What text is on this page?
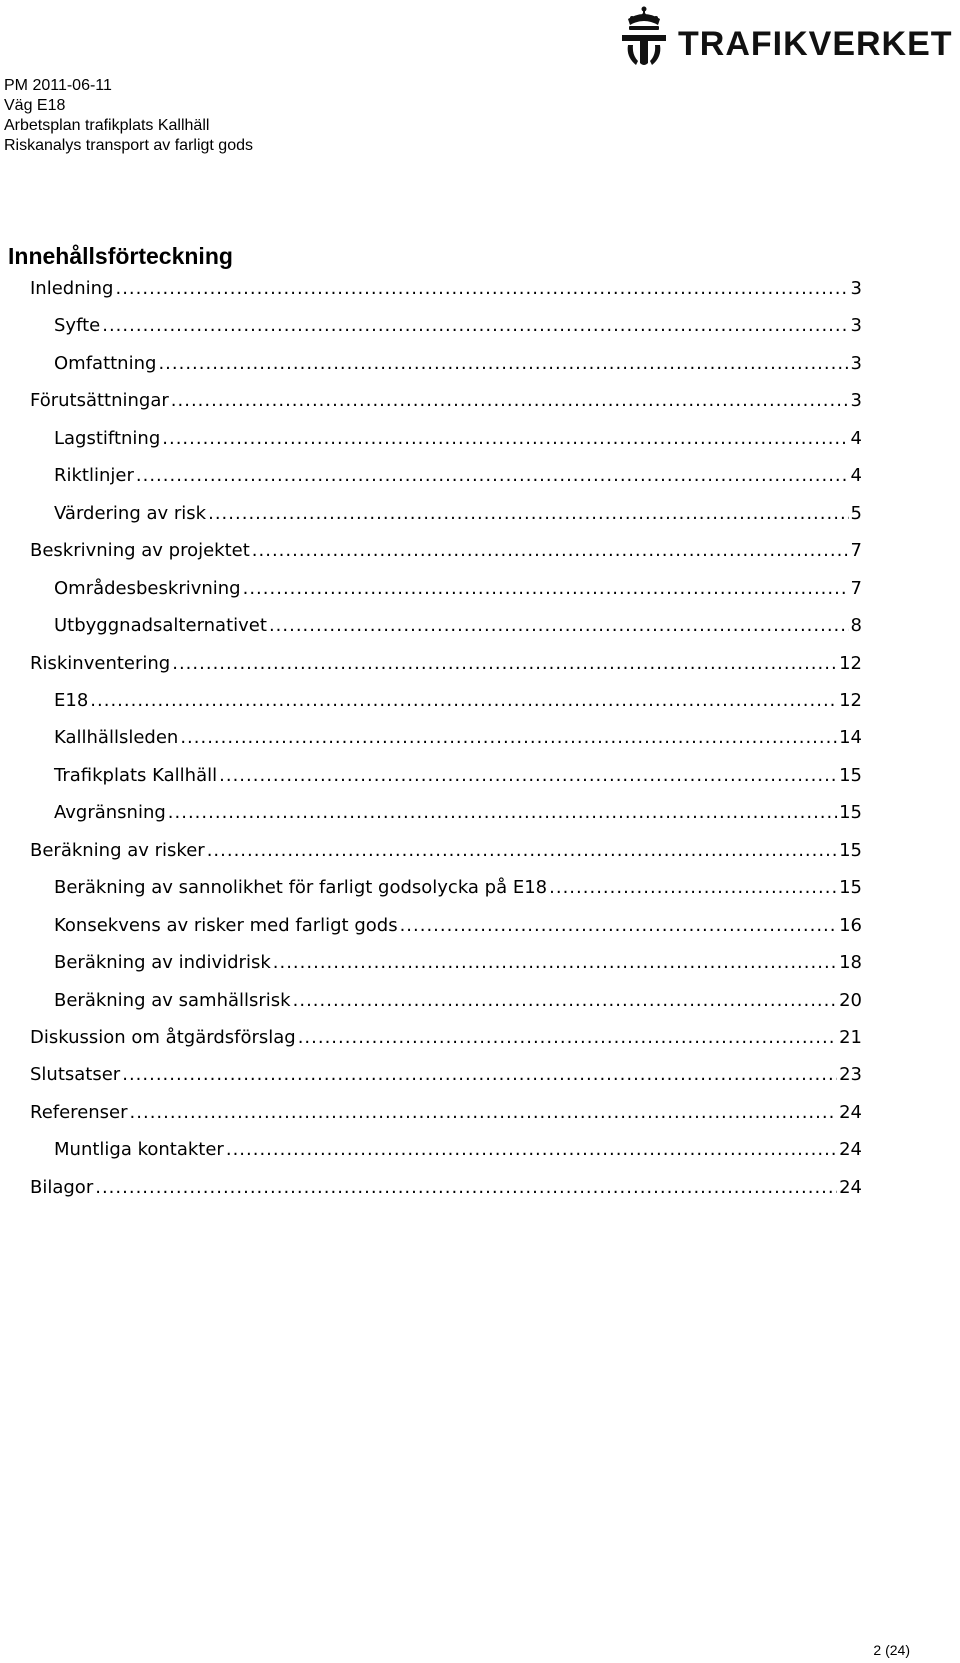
TRAFIKVERKET
PM 2011-06-11
Väg E18
Arbetsplan trafikplats Kallhäll
Riskanalys transport av farligt gods
Innehållsförteckning
Inledning .....	3
Syfte .....	3
Omfattning .....	3
Förutsättningar .....	3
Lagstiftning .....	4
Riktlinjer .....	4
Värdering av risk .....	5
Beskrivning av projektet .....	7
Områdesbeskrivning .....	7
Utbyggnadsalternativet .....	8
Riskinventering .....	12
E18 .....	12
Kallhällsleden .....	14
Trafikplats Kallhäll .....	15
Avgränsning .....	15
Beräkning av risker .....	15
Beräkning av sannolikhet för farligt godsolycka på E18 .....	15
Konsekvens av risker med farligt gods .....	16
Beräkning av individrisk .....	18
Beräkning av samhällsrisk .....	20
Diskussion om åtgärdsförslag .....	21
Slutsatser .....	23
Referenser .....	24
Muntliga kontakter .....	24
Bilagor .....	24
2 (24)
